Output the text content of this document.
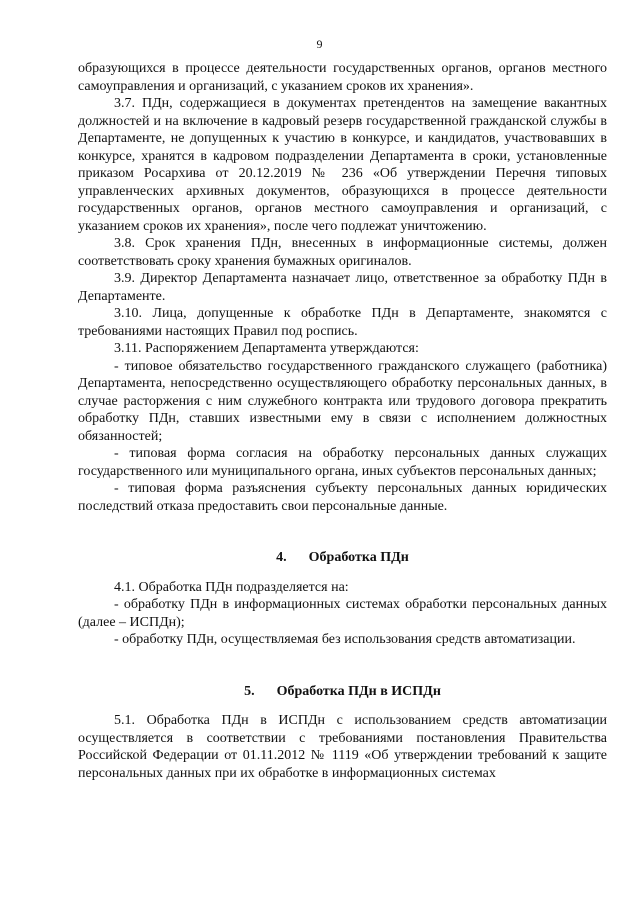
9

образующихся в процессе деятельности государственных органов, органов местного самоуправления и организаций, с указанием сроков их хранения».

3.7. ПДн, содержащиеся в документах претендентов на замещение вакантных должностей и на включение в кадровый резерв государственной гражданской службы в Департаменте, не допущенных к участию в конкурсе, и кандидатов, участвовавших в конкурсе, хранятся в кадровом подразделении Департамента в сроки, установленные приказом Росархива от 20.12.2019 № 236 «Об утверждении Перечня типовых управленческих архивных документов, образующихся в процессе деятельности государственных органов, органов местного самоуправления и организаций, с указанием сроков их хранения», после чего подлежат уничтожению.

3.8. Срок хранения ПДн, внесенных в информационные системы, должен соответствовать сроку хранения бумажных оригиналов.

3.9. Директор Департамента назначает лицо, ответственное за обработку ПДн в Департаменте.

3.10. Лица, допущенные к обработке ПДн в Департаменте, знакомятся с требованиями настоящих Правил под роспись.

3.11. Распоряжением Департамента утверждаются:

- типовое обязательство государственного гражданского служащего (работника) Департамента, непосредственно осуществляющего обработку персональных данных, в случае расторжения с ним служебного контракта или трудового договора прекратить обработку ПДн, ставших известными ему в связи с исполнением должностных обязанностей;

- типовая форма согласия на обработку персональных данных служащих государственного или муниципального органа, иных субъектов персональных данных;

- типовая форма разъяснения субъекту персональных данных юридических последствий отказа предоставить свои персональные данные.

4. Обработка ПДн

4.1. Обработка ПДн подразделяется на:

- обработку ПДн в информационных системах обработки персональных данных (далее – ИСПДн);

- обработку ПДн, осуществляемая без использования средств автоматизации.

5. Обработка ПДн в ИСПДн

5.1. Обработка ПДн в ИСПДн с использованием средств автоматизации осуществляется в соответствии с требованиями постановления Правительства Российской Федерации от 01.11.2012 № 1119 «Об утверждении требований к защите персональных данных при их обработке в информационных системах
